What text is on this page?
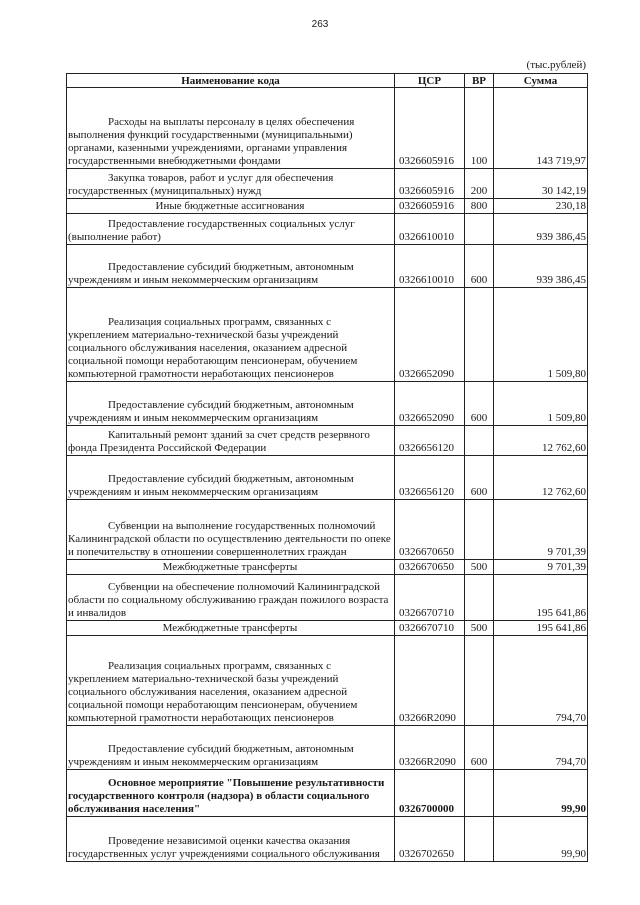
263
(тыс.рублей)
Наименование кода	ЦСР	ВР	Сумма

Расходы на выплаты персоналу в целях обеспечения выполнения функций государственными (муниципальными) органами, казенными учреждениями, органами управления государственными внебюджетными фондами	0326605916	100	143 719,97

Закупка товаров, работ и услуг для обеспечения государственных (муниципальных) нужд	0326605916	200	30 142,19

Иные бюджетные ассигнования	0326605916	800	230,18

Предоставление государственных социальных услуг (выполнение работ)	0326610010		939 386,45

Предоставление субсидий бюджетным, автономным учреждениям и иным некоммерческим организациям	0326610010	600	939 386,45

Реализация социальных программ, связанных с укреплением материально-технической базы учреждений социального обслуживания населения, оказанием адресной социальной помощи неработающим пенсионерам, обучением компьютерной грамотности неработающих пенсионеров	0326652090		1 509,80

Предоставление субсидий бюджетным, автономным учреждениям и иным некоммерческим организациям	0326652090	600	1 509,80

Капитальный ремонт зданий за счет средств резервного фонда Президента Российской Федерации	0326656120		12 762,60

Предоставление субсидий бюджетным, автономным учреждениям и иным некоммерческим организациям	0326656120	600	12 762,60

Субвенции на выполнение государственных полномочий Калининградской области по осуществлению деятельности по опеке и попечительству в отношении совершеннолетних граждан	0326670650		9 701,39

Межбюджетные трансферты	0326670650	500	9 701,39

Субвенции на обеспечение полномочий Калининградской области по социальному обслуживанию граждан пожилого возраста и инвалидов	0326670710		195 641,86

Межбюджетные трансферты	0326670710	500	195 641,86

Реализация социальных программ, связанных с укреплением материально-технической базы учреждений социального обслуживания населения, оказанием адресной социальной помощи неработающим пенсионерам, обучением компьютерной грамотности неработающих пенсионеров	03266R2090		794,70

Предоставление субсидий бюджетным, автономным учреждениям и иным некоммерческим организациям	03266R2090	600	794,70

Основное мероприятие "Повышение результативности государственного контроля (надзора) в области социального обслуживания населения"	0326700000		99,90

Проведение независимой оценки качества оказания государственных услуг учреждениями социального обслуживания	0326702650		99,90
